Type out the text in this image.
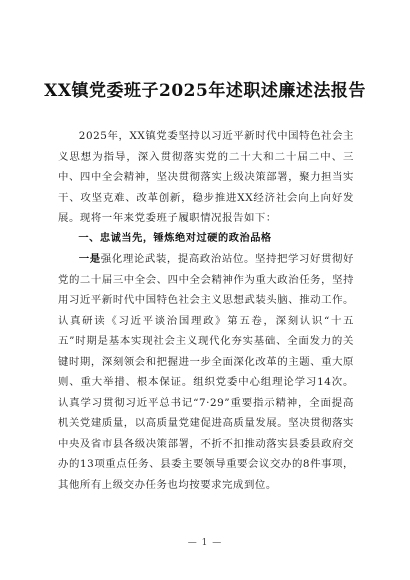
XX镇党委班子2025年述职述廉述法报告

2025年，XX镇党委坚持以习近平新时代中国特色社会主义思想为指导，深入贯彻落实党的二十大和二十届二中、三中、四中全会精神，坚决贯彻落实上级决策部署，聚力担当实干、攻坚克难、改革创新，稳步推进XX经济社会向上向好发展。现将一年来党委班子履职情况报告如下：

一、忠诚当先，锤炼绝对过硬的政治品格

一是强化理论武装，提高政治站位。坚持把学习好贯彻好党的二十届三中全会、四中全会精神作为重大政治任务，坚持用习近平新时代中国特色社会主义思想武装头脑、推动工作。认真研读《习近平谈治国理政》第五卷，深刻认识“十五五”时期是基本实现社会主义现代化夯实基础、全面发力的关键时期，深刻领会和把握进一步全面深化改革的主题、重大原则、重大举措、根本保证。组织党委中心组理论学习14次。认真学习贯彻习近平总书记“7·29”重要指示精神，全面提高机关党建质量，以高质量党建促进高质量发展。坚决贯彻落实中央及省市县各级决策部署，不折不扣推动落实县委县政府交办的13项重点任务、县委主要领导重要会议交办的8件事项，其他所有上级交办任务也均按要求完成到位。

— 1 —
